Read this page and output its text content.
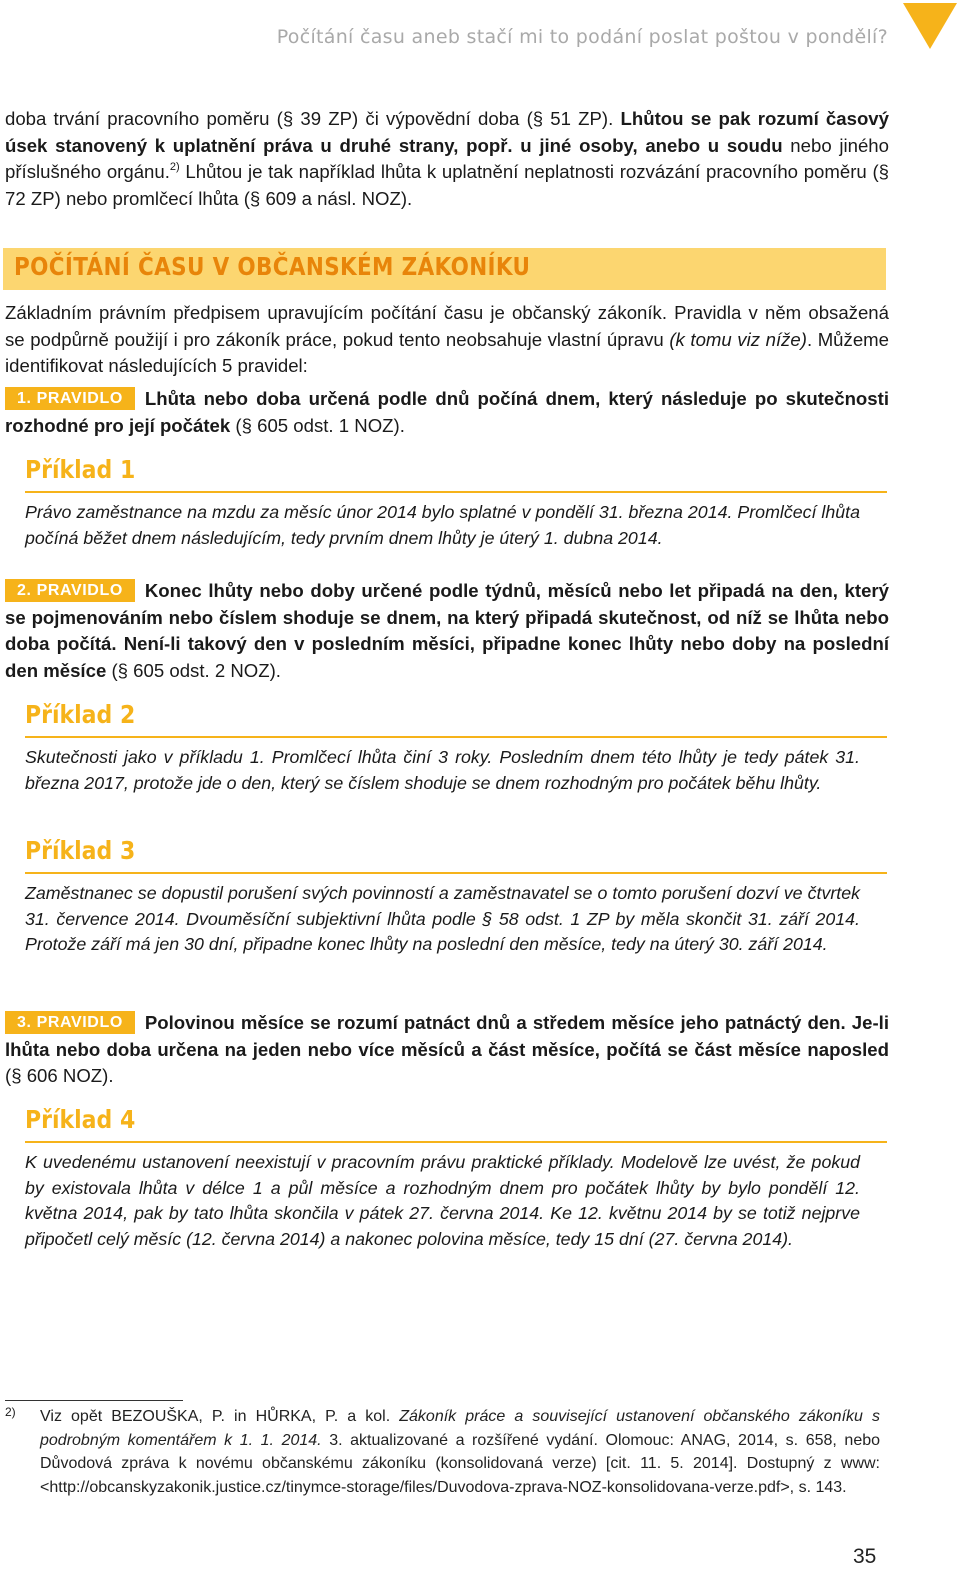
Počítání času aneb stačí mi to podání poslat poštou v pondělí?
doba trvání pracovního poměru (§ 39 ZP) či výpovědní doba (§ 51 ZP). Lhůtou se pak rozumí časový úsek stanovený k uplatnění práva u druhé strany, popř. u jiné osoby, anebo u soudu nebo jiného příslušného orgánu.$^{2)}$ Lhůtou je tak například lhůta k uplatnění neplatnosti rozvázání pracovního poměru (§ 72 ZP) nebo promlčecí lhůta (§ 609 a násl. NOZ).
POČÍTÁNÍ ČASU V OBČANSKÉM ZÁKONÍKU
Základním právním předpisem upravujícím počítání času je občanský zákoník. Pravidla v něm obsažená se podpůrně použijí i pro zákoník práce, pokud tento neobsahuje vlastní úpravu (k tomu viz níže). Můžeme identifikovat následujících 5 pravidel:
1. PRAVIDLO Lhůta nebo doba určená podle dnů počíná dnem, který následuje po skutečnosti rozhodné pro její počátek (§ 605 odst. 1 NOZ).
Příklad 1
Právo zaměstnance na mzdu za měsíc únor 2014 bylo splatné v pondělí 31. března 2014. Promlčecí lhůta počíná běžet dnem následujícím, tedy prvním dnem lhůty je úterý 1. dubna 2014.
2. PRAVIDLO Konec lhůty nebo doby určené podle týdnů, měsíců nebo let připadá na den, který se pojmenováním nebo číslem shoduje se dnem, na který připadá skutečnost, od níž se lhůta nebo doba počítá. Není-li takový den v posledním měsíci, připadne konec lhůty nebo doby na poslední den měsíce (§ 605 odst. 2 NOZ).
Příklad 2
Skutečnosti jako v příkladu 1. Promlčecí lhůta činí 3 roky. Posledním dnem této lhůty je tedy pátek 31. března 2017, protože jde o den, který se číslem shoduje se dnem rozhodným pro počátek běhu lhůty.
Příklad 3
Zaměstnanec se dopustil porušení svých povinností a zaměstnavatel se o tomto porušení dozví ve čtvrtek 31. července 2014. Dvouměsíční subjektivní lhůta podle § 58 odst. 1 ZP by měla skončit 31. září 2014. Protože září má jen 30 dní, připadne konec lhůty na poslední den měsíce, tedy na úterý 30. září 2014.
3. PRAVIDLO Polovinou měsíce se rozumí patnáct dnů a středem měsíce jeho patnáctý den. Je-li lhůta nebo doba určena na jeden nebo více měsíců a část měsíce, počítá se část měsíce naposled (§ 606 NOZ).
Příklad 4
K uvedenému ustanovení neexistují v pracovním právu praktické příklady. Modelově lze uvést, že pokud by existovala lhůta v délce 1 a půl měsíce a rozhodným dnem pro počátek lhůty by bylo pondělí 12. května 2014, pak by tato lhůta skončila v pátek 27. června 2014. Ke 12. květnu 2014 by se totiž nejprve připočetl celý měsíc (12. června 2014) a nakonec polovina měsíce, tedy 15 dní (27. června 2014).
2) Viz opět BEZOUŠKA, P. in HŮRKA, P. a kol. Zákoník práce a související ustanovení občanského zákoníku s podrobným komentářem k 1. 1. 2014. 3. aktualizované a rozšířené vydání. Olomouc: ANAG, 2014, s. 658, nebo Důvodová zpráva k novému občanskému zákoníku (konsolidovaná verze) [cit. 11. 5. 2014]. Dostupný z www: <http://obcanskyzakonik.justice.cz/tinymce-storage/files/Duvodova-zprava-NOZ-konsolidovana-verze.pdf>, s. 143.
35
